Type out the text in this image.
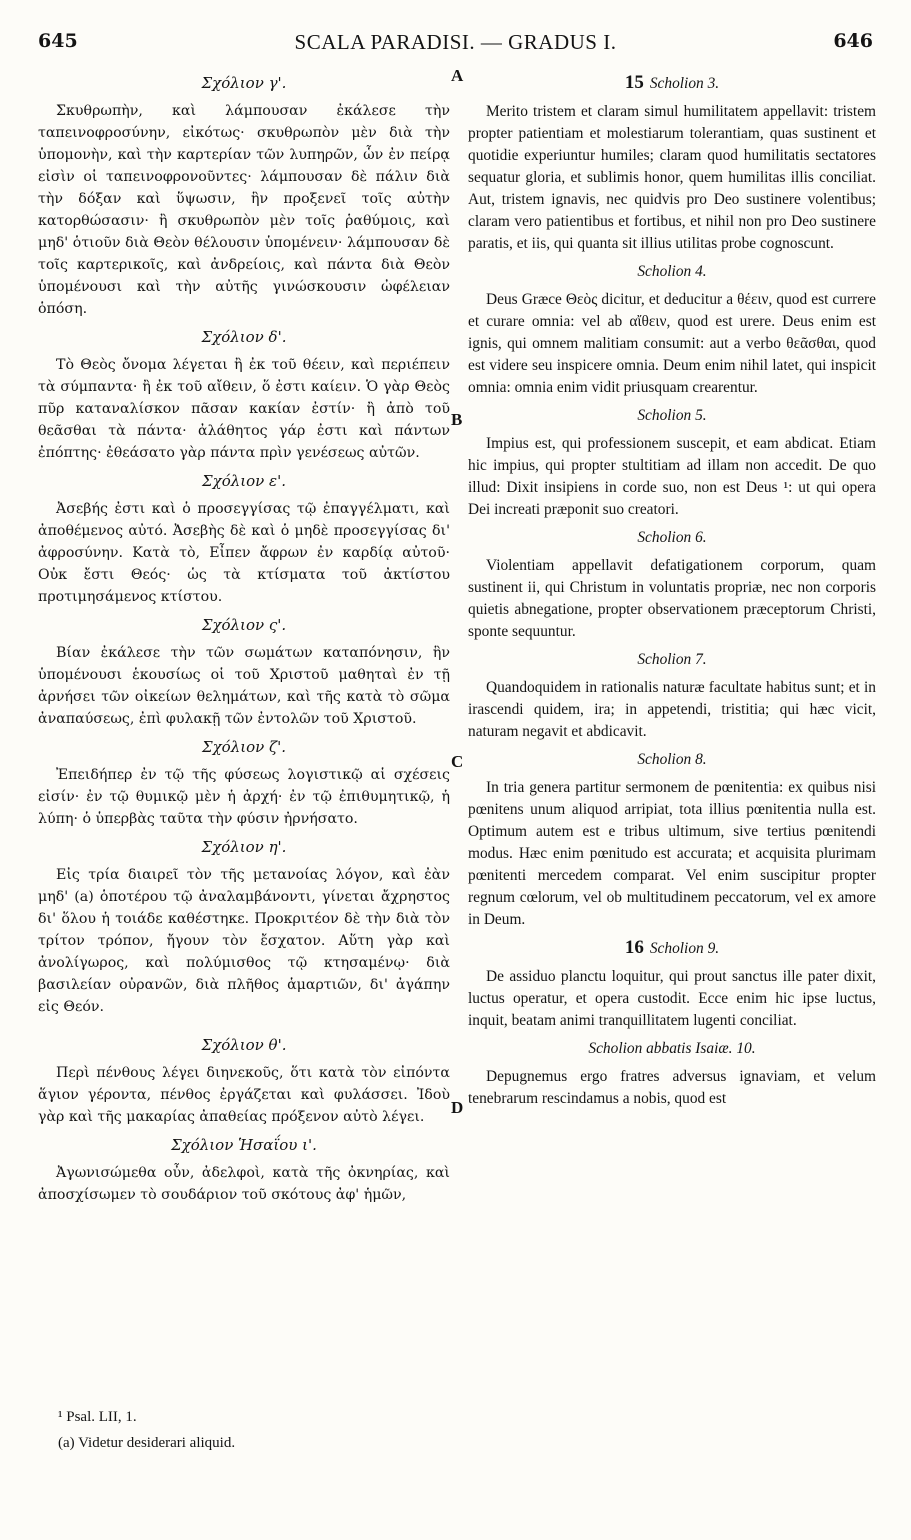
645	SCALA PARADISI. — GRADUS I.	646
A
B
C
D
Σχόλιον γ'.

Σκυθρωπὴν, καὶ λάμπουσαν ἐκάλεσε τὴν ταπεινοφροσύνην, εἰκότως· σκυθρωπὸν μὲν διὰ τὴν ὑπομονὴν, καὶ τὴν καρτερίαν τῶν λυπηρῶν, ὧν ἐν πείρᾳ εἰσὶν οἱ ταπεινοφρονοῦντες· λάμπουσαν δὲ πάλιν διὰ τὴν δόξαν καὶ ὕψωσιν, ἣν προξενεῖ τοῖς αὐτὴν κατορθώσασιν· ἢ σκυθρωπὸν μὲν τοῖς ῥαθύμοις, καὶ μηδ' ὁτιοῦν διὰ Θεὸν θέλουσιν ὑπομένειν· λάμπουσαν δὲ τοῖς καρτερικοῖς, καὶ ἀνδρείοις, καὶ πάντα διὰ Θεὸν ὑπομένουσι καὶ τὴν αὐτῆς γινώσκουσιν ὠφέλειαν ὁπόση.

Σχόλιον δ'.

Τὸ Θεὸς ὄνομα λέγεται ἢ ἐκ τοῦ θέειν, καὶ περιέπειν τὰ σύμπαντα· ἢ ἐκ τοῦ αἴθειν, ὅ ἐστι καίειν. Ὁ γὰρ Θεὸς πῦρ καταναλίσκον πᾶσαν κακίαν ἐστίν· ἢ ἀπὸ τοῦ θεᾶσθαι τὰ πάντα· ἀλάθητος γάρ ἐστι καὶ πάντων ἐπόπτης· ἐθεάσατο γὰρ πάντα πρὶν γενέσεως αὐτῶν.

Σχόλιον ε'.

Ἀσεβής ἐστι καὶ ὁ προσεγγίσας τῷ ἐπαγγέλματι, καὶ ἀποθέμενος αὐτό. Ἀσεβὴς δὲ καὶ ὁ μηδὲ προσεγγίσας δι' ἀφροσύνην. Κατὰ τὸ, Εἶπεν ἄφρων ἐν καρδίᾳ αὐτοῦ· Οὐκ ἔστι Θεός· ὡς τὰ κτίσματα τοῦ ἀκτίστου προτιμησάμενος κτίστου.

Σχόλιον ς'.

Βίαν ἐκάλεσε τὴν τῶν σωμάτων καταπόνησιν, ἣν ὑπομένουσι ἑκουσίως οἱ τοῦ Χριστοῦ μαθηταὶ ἐν τῇ ἀρνήσει τῶν οἰκείων θελημάτων, καὶ τῆς κατὰ τὸ σῶμα ἀναπαύσεως, ἐπὶ φυλακῇ τῶν ἐντολῶν τοῦ Χριστοῦ.

Σχόλιον ζ'.

Ἐπειδήπερ ἐν τῷ τῆς φύσεως λογιστικῷ αἱ σχέσεις εἰσίν· ἐν τῷ θυμικῷ μὲν ἡ ἀρχή· ἐν τῷ ἐπιθυμητικῷ, ἡ λύπη· ὁ ὑπερβὰς ταῦτα τὴν φύσιν ἠρνήσατο.

Σχόλιον η'.

Εἰς τρία διαιρεῖ τὸν τῆς μετανοίας λόγον, καὶ ἐὰν μηδ' (a) ὁποτέρου τῷ ἀναλαμβάνοντι, γίνεται ἄχρηστος δι' ὅλου ἡ τοιάδε καθέστηκε. Προκριτέον δὲ τὴν διὰ τὸν τρίτον τρόπον, ἤγουν τὸν ἔσχατον. Αὕτη γὰρ καὶ ἀνολίγωρος, καὶ πολύμισθος τῷ κτησαμένῳ· διὰ βασιλείαν οὐρανῶν, διὰ πλῆθος ἁμαρτιῶν, δι' ἀγάπην εἰς Θεόν.

Σχόλιον θ'.

Περὶ πένθους λέγει διηνεκοῦς, ὅτι κατὰ τὸν εἰπόντα ἅγιον γέροντα, πένθος ἐργάζεται καὶ φυλάσσει. Ἰδοὺ γὰρ καὶ τῆς μακαρίας ἀπαθείας πρόξενον αὐτὸ λέγει.

Σχόλιον Ἡσαΐου ι'.

Ἀγωνισώμεθα οὖν, ἀδελφοὶ, κατὰ τῆς ὀκνηρίας, καὶ ἀποσχίσωμεν τὸ σουδάριον τοῦ σκότους ἀφ' ἡμῶν,

15 Scholion 3.

Merito tristem et claram simul humilitatem appellavit: tristem propter patientiam et molestiarum tolerantiam, quas sustinent et quotidie experiuntur humiles; claram quod humilitatis sectatores sequatur gloria, et sublimis honor, quem humilitas illis conciliat. Aut, tristem ignavis, nec quidvis pro Deo sustinere volentibus; claram vero patientibus et fortibus, et nihil non pro Deo sustinere paratis, et iis, qui quanta sit illius utilitas probe cognoscunt.

Scholion 4.

Deus Græce Θεὸς dicitur, et deducitur a θέειν, quod est currere et curare omnia: vel ab αἴθειν, quod est urere. Deus enim est ignis, qui omnem malitiam consumit: aut a verbo θεᾶσθαι, quod est videre seu inspicere omnia. Deum enim nihil latet, qui inspicit omnia: omnia enim vidit priusquam crearentur.

Scholion 5.

Impius est, qui professionem suscepit, et eam abdicat. Etiam hic impius, qui propter stultitiam ad illam non accedit. De quo illud: Dixit insipiens in corde suo, non est Deus ¹: ut qui opera Dei increati præponit suo creatori.

Scholion 6.

Violentiam appellavit defatigationem corporum, quam sustinent ii, qui Christum in voluntatis propriæ, nec non corporis quietis abnegatione, propter observationem præceptorum Christi, sponte sequuntur.

Scholion 7.

Quandoquidem in rationalis naturæ facultate habitus sunt; et in irascendi quidem, ira; in appetendi, tristitia; qui hæc vicit, naturam negavit et abdicavit.

Scholion 8.

In tria genera partitur sermonem de pœnitentia: ex quibus nisi pœnitens unum aliquod arripiat, tota illius pœnitentia nulla est. Optimum autem est e tribus ultimum, sive tertius pœnitendi modus. Hæc enim pœnitudo est accurata; et acquisita plurimam pœnitenti mercedem comparat. Vel enim suscipitur propter regnum cœlorum, vel ob multitudinem peccatorum, vel ex amore in Deum.

16 Scholion 9.

De assiduo planctu loquitur, qui prout sanctus ille pater dixit, luctus operatur, et opera custodit. Ecce enim hic ipse luctus, inquit, beatam animi tranquillitatem lugenti conciliat.

Scholion abbatis Isaiæ. 10.

Depugnemus ergo fratres adversus ignaviam, et velum tenebrarum rescindamus a nobis, quod est

¹ Psal. LII, 1.
(a) Videtur desiderari aliquid.
